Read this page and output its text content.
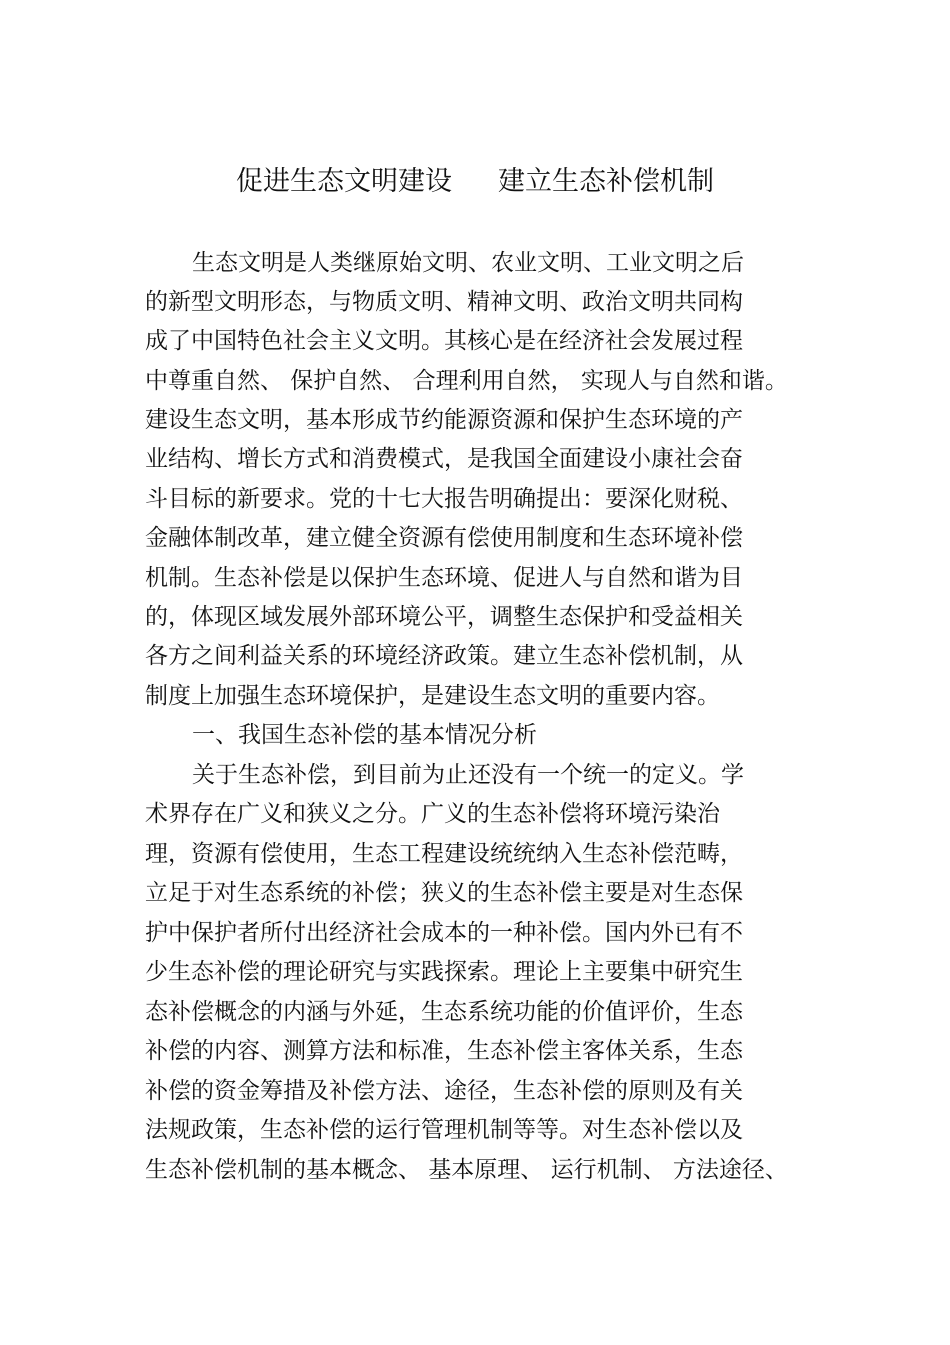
促进生态文明建设 建立生态补偿机制
生态文明是人类继原始文明、农业文明、工业文明之后
的新型文明形态，与物质文明、精神文明、政治文明共同构
成了中国特色社会主义文明。其核心是在经济社会发展过程
中尊重自然、 保护自然、 合理利用自然， 实现人与自然和谐。
建设生态文明，基本形成节约能源资源和保护生态环境的产
业结构、增长方式和消费模式，是我国全面建设小康社会奋
斗目标的新要求。党的十七大报告明确提出：要深化财税、
金融体制改革，建立健全资源有偿使用制度和生态环境补偿
机制。生态补偿是以保护生态环境、促进人与自然和谐为目
的，体现区域发展外部环境公平，调整生态保护和受益相关
各方之间利益关系的环境经济政策。建立生态补偿机制，从
制度上加强生态环境保护，是建设生态文明的重要内容。
一、我国生态补偿的基本情况分析
关于生态补偿，到目前为止还没有一个统一的定义。学
术界存在广义和狭义之分。广义的生态补偿将环境污染治
理，资源有偿使用，生态工程建设统统纳入生态补偿范畴，
立足于对生态系统的补偿；狭义的生态补偿主要是对生态保
护中保护者所付出经济社会成本的一种补偿。国内外已有不
少生态补偿的理论研究与实践探索。理论上主要集中研究生
态补偿概念的内涵与外延，生态系统功能的价值评价，生态
补偿的内容、测算方法和标准，生态补偿主客体关系，生态
补偿的资金筹措及补偿方法、途径，生态补偿的原则及有关
法规政策，生态补偿的运行管理机制等等。对生态补偿以及
生态补偿机制的基本概念、 基本原理、 运行机制、 方法途径、
